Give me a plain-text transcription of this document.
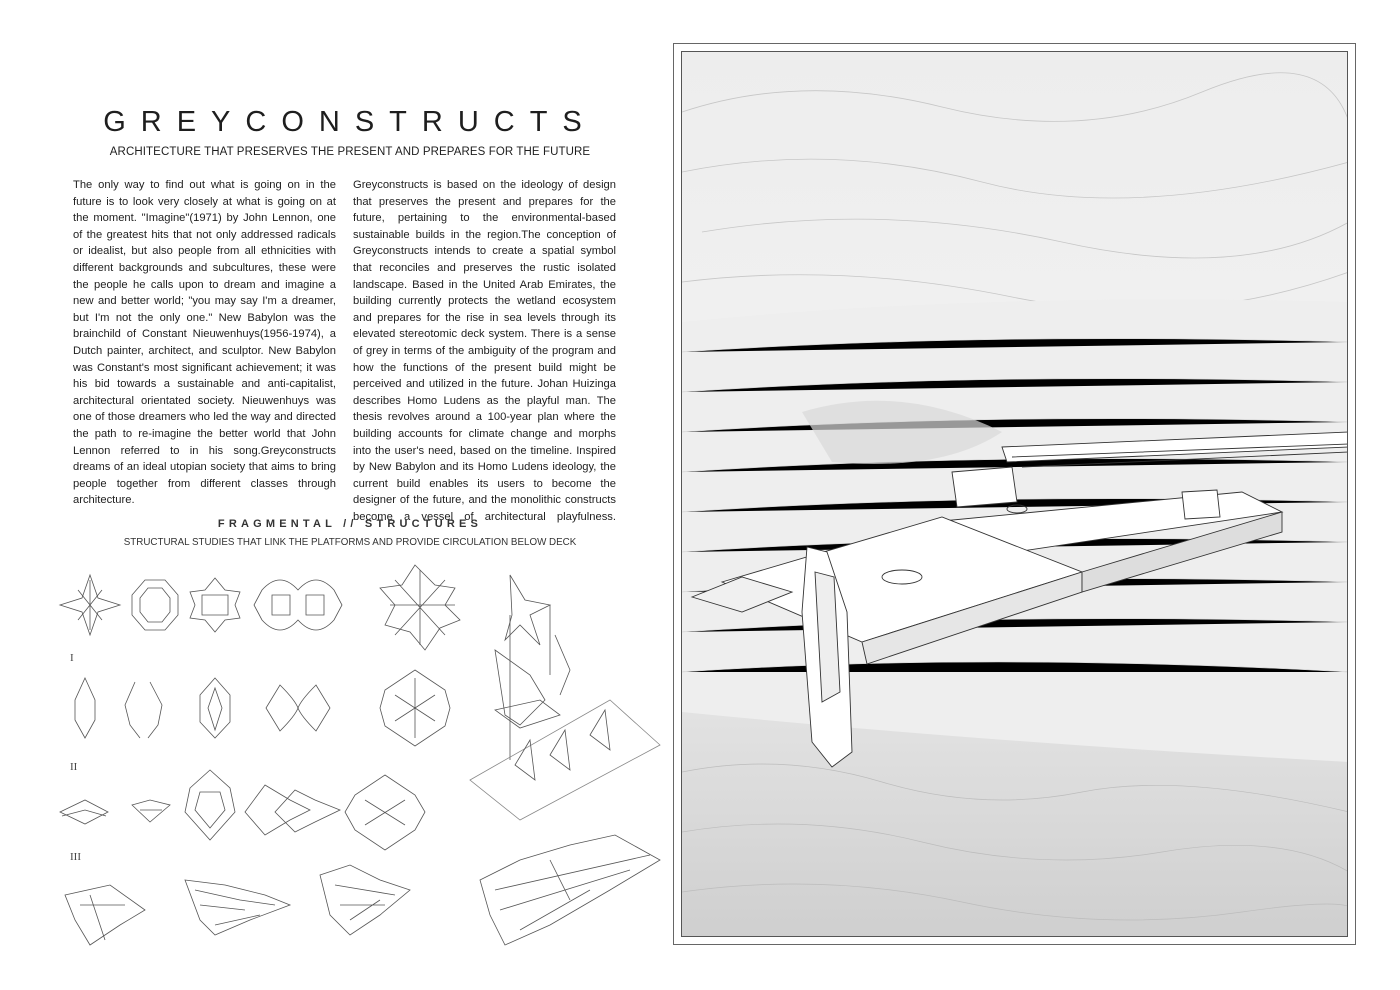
GREYCONSTRUCTS
ARCHITECTURE THAT PRESERVES THE PRESENT AND PREPARES FOR THE FUTURE
The only way to find out what is going on in the future is to look very closely at what is going on at the moment. "Imagine"(1971) by John Lennon, one of the greatest hits that not only addressed radicals or idealist, but also people from all ethnicities with different backgrounds and subcultures, these were the people he calls upon to dream and imagine a new and better world; "you may say I'm a dreamer, but I'm not the only one." New Babylon was the brainchild of Constant Nieuwenhuys(1956-1974), a Dutch painter, architect, and sculptor. New Babylon was Constant's most significant achievement; it was his bid towards a sustainable and anti-capitalist, architectural orientated society. Nieuwenhuys was one of those dreamers who led the way and directed the path to re-imagine the better world that John Lennon referred to in his song.Greyconstructs dreams of an ideal utopian society that aims to bring people together from different classes through architecture.
Greyconstructs is based on the ideology of design that preserves the present and prepares for the future, pertaining to the environmental-based sustainable builds in the region.The conception of Greyconstructs intends to create a spatial symbol that reconciles and preserves the rustic isolated landscape. Based in the United Arab Emirates, the building currently protects the wetland ecosystem and prepares for the rise in sea levels through its elevated stereotomic deck system. There is a sense of grey in terms of the ambiguity of the program and how the functions of the present build might be perceived and utilized in the future. Johan Huizinga describes Homo Ludens as the playful man. The thesis revolves around a 100-year plan where the building accounts for climate change and morphs into the user's need, based on the timeline. Inspired by New Babylon and its Homo Ludens ideology, the current build enables its users to become the designer of the future, and the monolithic constructs become a vessel of architectural playfulness.
FRAGMENTAL // STRUCTURES
STRUCTURAL STUDIES THAT LINK THE PLATFORMS AND PROVIDE CIRCULATION BELOW DECK
I
II
III
